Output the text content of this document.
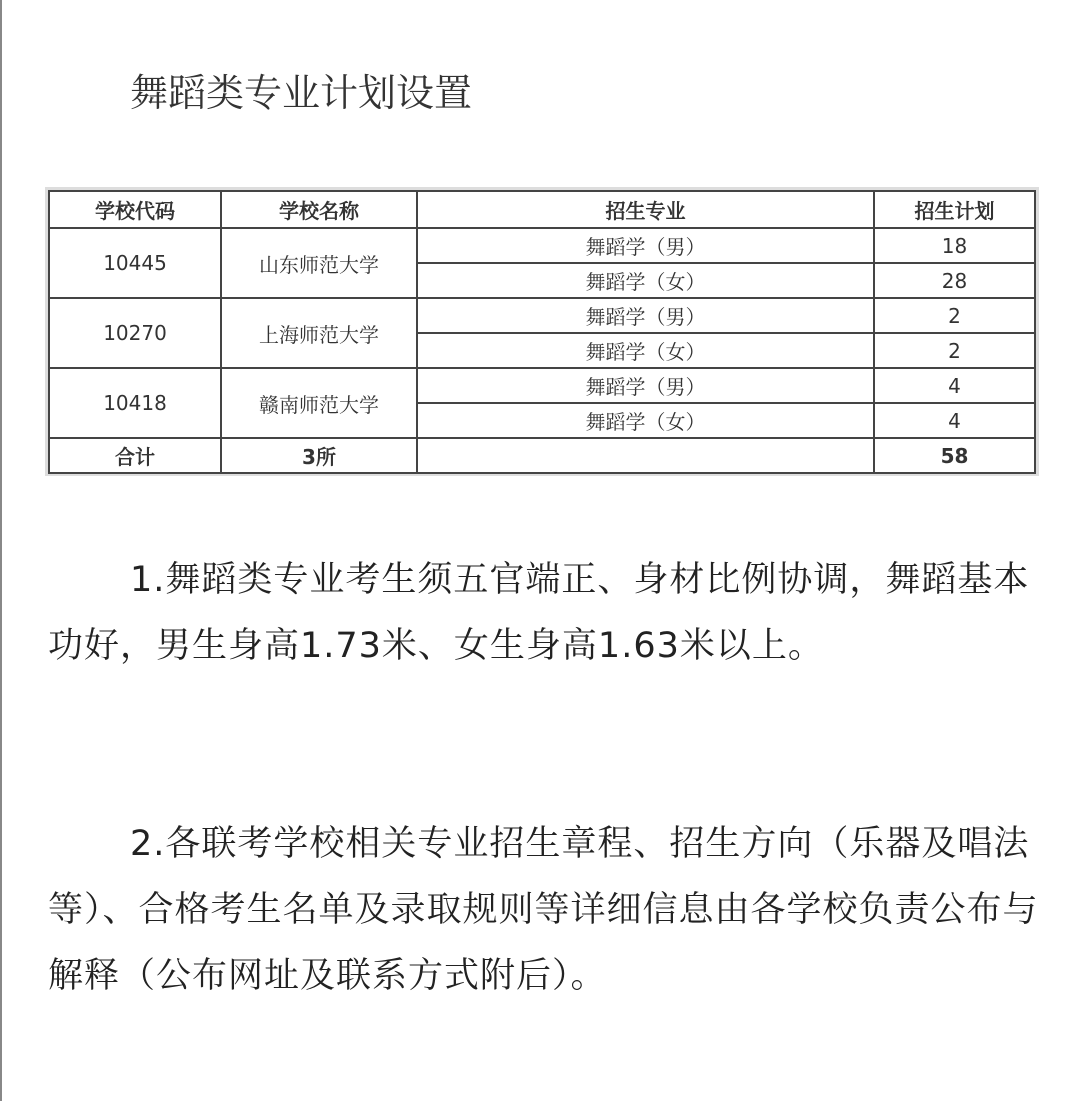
舞蹈类专业计划设置
学校代码	学校名称	招生专业	招生计划
10445	山东师范大学	舞蹈学（男）	18
		舞蹈学（女）	28
10270	上海师范大学	舞蹈学（男）	2
		舞蹈学（女）	2
10418	赣南师范大学	舞蹈学（男）	4
		舞蹈学（女）	4
合计	3所		58
1.舞蹈类专业考生须五官端正、身材比例协调，舞蹈基本功好，男生身高1.73米、女生身高1.63米以上。
2.各联考学校相关专业招生章程、招生方向（乐器及唱法等）、合格考生名单及录取规则等详细信息由各学校负责公布与解释（公布网址及联系方式附后）。
